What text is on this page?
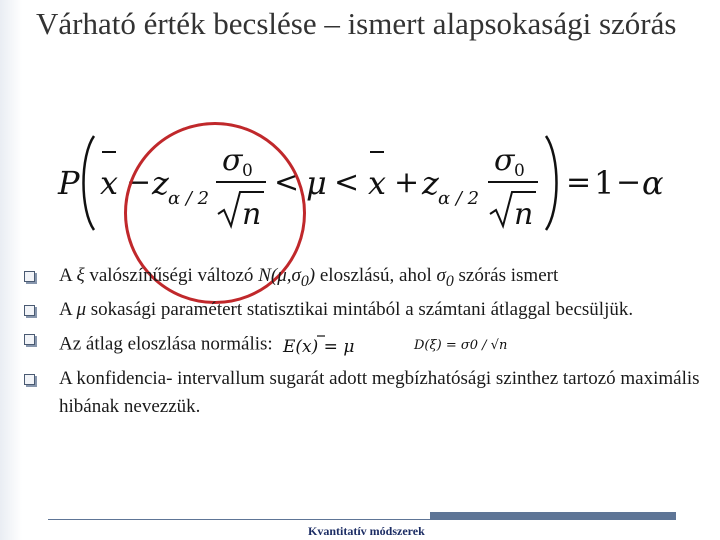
Várható érték becslése – ismert alapsokasági szórás
P x − z α / 2
σ 0
n
< μ < x + z α / 2
σ 0
n
= 1 − α
A ξ valószínűségi változó $N(\mu,\sigma_0)$ eloszlású, ahol $\sigma_0$ szórás ismert
A μ sokasági paramétert statisztikai mintából a számtani átlaggal becsüljük.
Az átlag eloszlása normális: E(x) = μ
	D(ξ) = σ0 / √n
A konfidencia- intervallum sugarát adott megbízhatósági szinthez tartozó maximális hibának nevezzük.
Kvantitatív módszerek
